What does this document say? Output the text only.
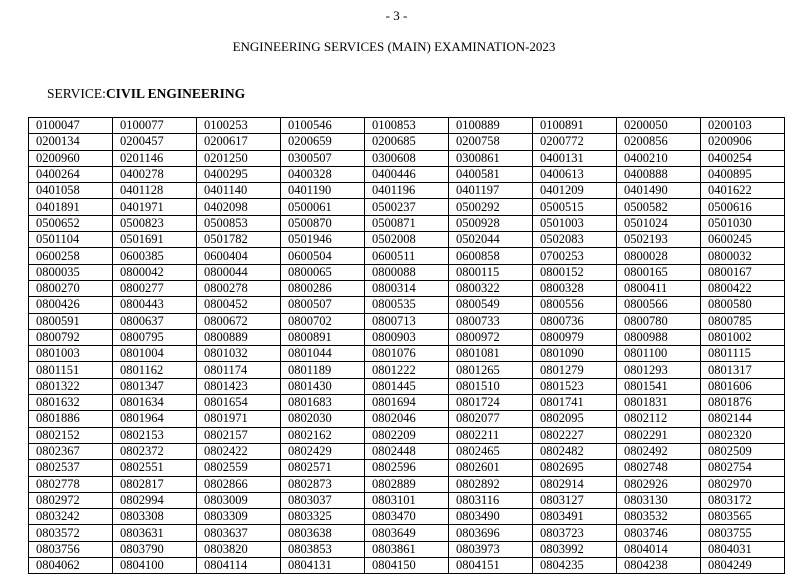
- 3 -
ENGINEERING SERVICES (MAIN) EXAMINATION-2023
SERVICE:CIVIL ENGINEERING
0100047	0100077	0100253	0100546	0100853	0100889	0100891	0200050	0200103
0200134	0200457	0200617	0200659	0200685	0200758	0200772	0200856	0200906
0200960	0201146	0201250	0300507	0300608	0300861	0400131	0400210	0400254
0400264	0400278	0400295	0400328	0400446	0400581	0400613	0400888	0400895
0401058	0401128	0401140	0401190	0401196	0401197	0401209	0401490	0401622
0401891	0401971	0402098	0500061	0500237	0500292	0500515	0500582	0500616
0500652	0500823	0500853	0500870	0500871	0500928	0501003	0501024	0501030
0501104	0501691	0501782	0501946	0502008	0502044	0502083	0502193	0600245
0600258	0600385	0600404	0600504	0600511	0600858	0700253	0800028	0800032
0800035	0800042	0800044	0800065	0800088	0800115	0800152	0800165	0800167
0800270	0800277	0800278	0800286	0800314	0800322	0800328	0800411	0800422
0800426	0800443	0800452	0800507	0800535	0800549	0800556	0800566	0800580
0800591	0800637	0800672	0800702	0800713	0800733	0800736	0800780	0800785
0800792	0800795	0800889	0800891	0800903	0800972	0800979	0800988	0801002
0801003	0801004	0801032	0801044	0801076	0801081	0801090	0801100	0801115
0801151	0801162	0801174	0801189	0801222	0801265	0801279	0801293	0801317
0801322	0801347	0801423	0801430	0801445	0801510	0801523	0801541	0801606
0801632	0801634	0801654	0801683	0801694	0801724	0801741	0801831	0801876
0801886	0801964	0801971	0802030	0802046	0802077	0802095	0802112	0802144
0802152	0802153	0802157	0802162	0802209	0802211	0802227	0802291	0802320
0802367	0802372	0802422	0802429	0802448	0802465	0802482	0802492	0802509
0802537	0802551	0802559	0802571	0802596	0802601	0802695	0802748	0802754
0802778	0802817	0802866	0802873	0802889	0802892	0802914	0802926	0802970
0802972	0802994	0803009	0803037	0803101	0803116	0803127	0803130	0803172
0803242	0803308	0803309	0803325	0803470	0803490	0803491	0803532	0803565
0803572	0803631	0803637	0803638	0803649	0803696	0803723	0803746	0803755
0803756	0803790	0803820	0803853	0803861	0803973	0803992	0804014	0804031
0804062	0804100	0804114	0804131	0804150	0804151	0804235	0804238	0804249
